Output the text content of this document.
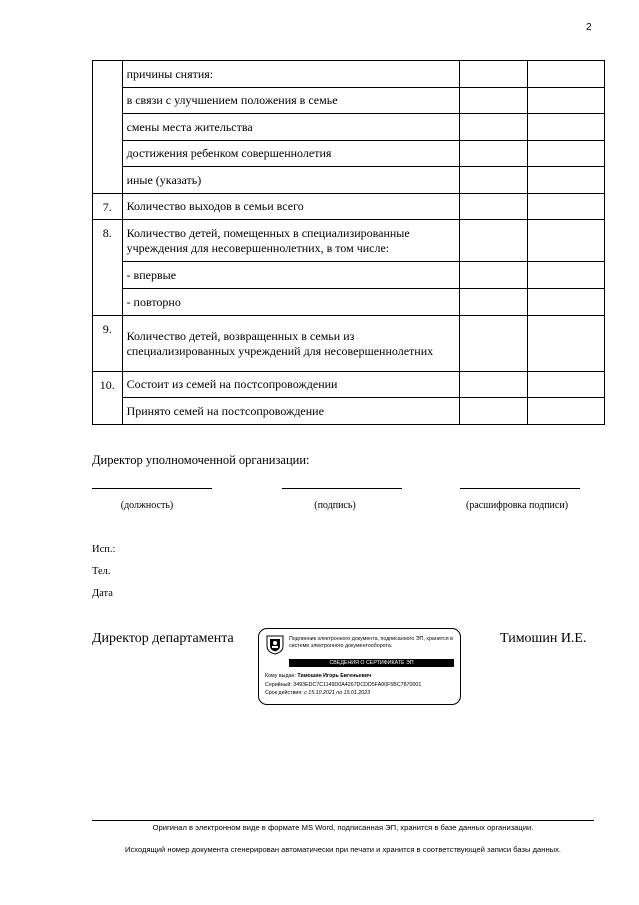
2
	причины снятия:		
	в связи с улучшением положения в семье		
	смены места жительства		
	достижения ребенком совершеннолетия		
	иные (указать)		

7.	Количество выходов в семьи всего		

8.	Количество детей, помещенных в специализированные учреждения для несовершеннолетних, в том числе:		
	- впервые		
	- повторно		

9.	Количество детей, возвращенных в семьи из специализированных учреждений для несовершеннолетних		

10.	Состоит из семей на постсопровождении		
	Принято семей на постсопровождение		
Директор уполномоченной организации:
(должность)	(подпись)	(расшифровка подписи)
Исп.:
Тел.
Дата
Директор департамента	Тимошин И.Е.
Подлинник электронного документа, подписанного ЭП, хранится в системе электронного документооборота.
СВЕДЕНИЯ О СЕРТИФИКАТЕ ЭП
Кому выдан: Тимошин Игорь Евгеньевич
Серийный: 3493EDC7C1149D0A4267DCDD5FA00F5BC7870001
Срок действия: с 15.10.2021 по 15.01.2023
Оригинал в электронном виде в формате MS Word, подписанная ЭП, хранится в базе данных организации.
Исходящий номер документа сгенерирован автоматически при печати и хранится в соответствующей записи базы данных.
